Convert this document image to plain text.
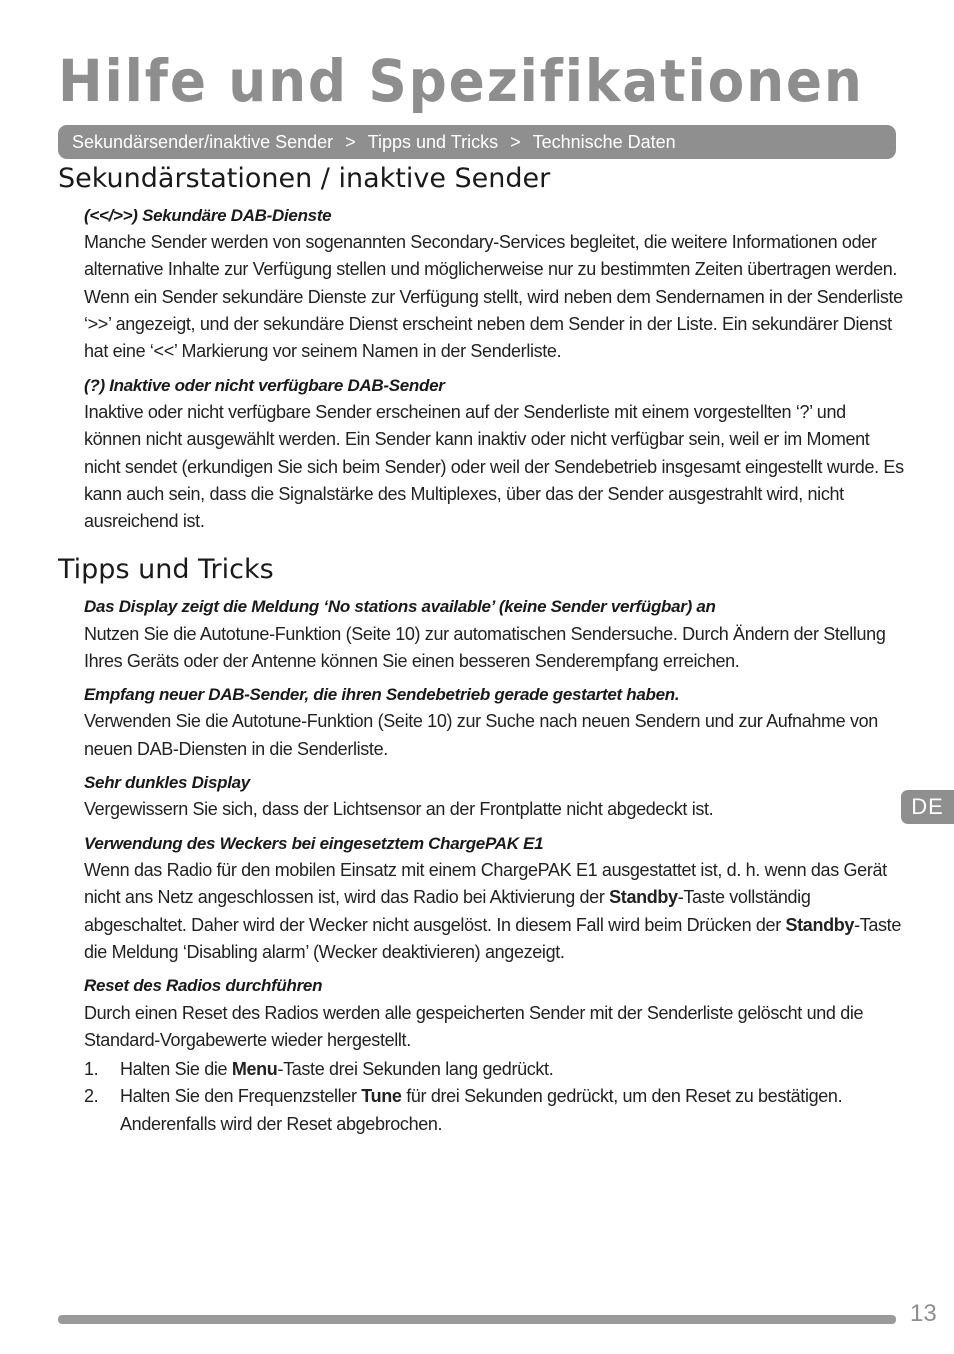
Hilfe und Spezifikationen
Sekundärsender/inaktive Sender > Tipps und Tricks > Technische Daten
Sekundärstationen / inaktive Sender
(<</>>) Sekundäre DAB-Dienste

Manche Sender werden von sogenannten Secondary-Services begleitet, die weitere Informationen oder alternative Inhalte zur Verfügung stellen und möglicherweise nur zu bestimmten Zeiten übertragen werden. Wenn ein Sender sekundäre Dienste zur Verfügung stellt, wird neben dem Sendernamen in der Senderliste ‘>>’ angezeigt, und der sekundäre Dienst erscheint neben dem Sender in der Liste. Ein sekundärer Dienst hat eine ‘<<’ Markierung vor seinem Namen in der Senderliste.

(?) Inaktive oder nicht verfügbare DAB-Sender

Inaktive oder nicht verfügbare Sender erscheinen auf der Senderliste mit einem vorgestellten ‘?’ und können nicht ausgewählt werden. Ein Sender kann inaktiv oder nicht verfügbar sein, weil er im Moment nicht sendet (erkundigen Sie sich beim Sender) oder weil der Sendebetrieb insgesamt eingestellt wurde. Es kann auch sein, dass die Signalstärke des Multiplexes, über das der Sender ausgestrahlt wird, nicht ausreichend ist.

Tipps und Tricks
Das Display zeigt die Meldung ‘No stations available’ (keine Sender verfügbar) an

Nutzen Sie die Autotune-Funktion (Seite 10) zur automatischen Sendersuche. Durch Ändern der Stellung Ihres Geräts oder der Antenne können Sie einen besseren Senderempfang erreichen.

Empfang neuer DAB-Sender, die ihren Sendebetrieb gerade gestartet haben.

Verwenden Sie die Autotune-Funktion (Seite 10) zur Suche nach neuen Sendern und zur Aufnahme von neuen DAB-Diensten in die Senderliste.

Sehr dunkles Display

Vergewissern Sie sich, dass der Lichtsensor an der Frontplatte nicht abgedeckt ist.

Verwendung des Weckers bei eingesetztem ChargePAK E1

Wenn das Radio für den mobilen Einsatz mit einem ChargePAK E1 ausgestattet ist, d. h. wenn das Gerät nicht ans Netz angeschlossen ist, wird das Radio bei Aktivierung der Standby-Taste vollständig abgeschaltet. Daher wird der Wecker nicht ausgelöst. In diesem Fall wird beim Drücken der Standby-Taste die Meldung ‘Disabling alarm’ (Wecker deaktivieren) angezeigt.

Reset des Radios durchführen

Durch einen Reset des Radios werden alle gespeicherten Sender mit der Senderliste gelöscht und die Standard-Vorgabewerte wieder hergestellt.

1.	Halten Sie die Menu-Taste drei Sekunden lang gedrückt.
2.	Halten Sie den Frequenzsteller Tune für drei Sekunden gedrückt, um den Reset zu bestätigen. Anderenfalls wird der Reset abgebrochen.
DE
13
